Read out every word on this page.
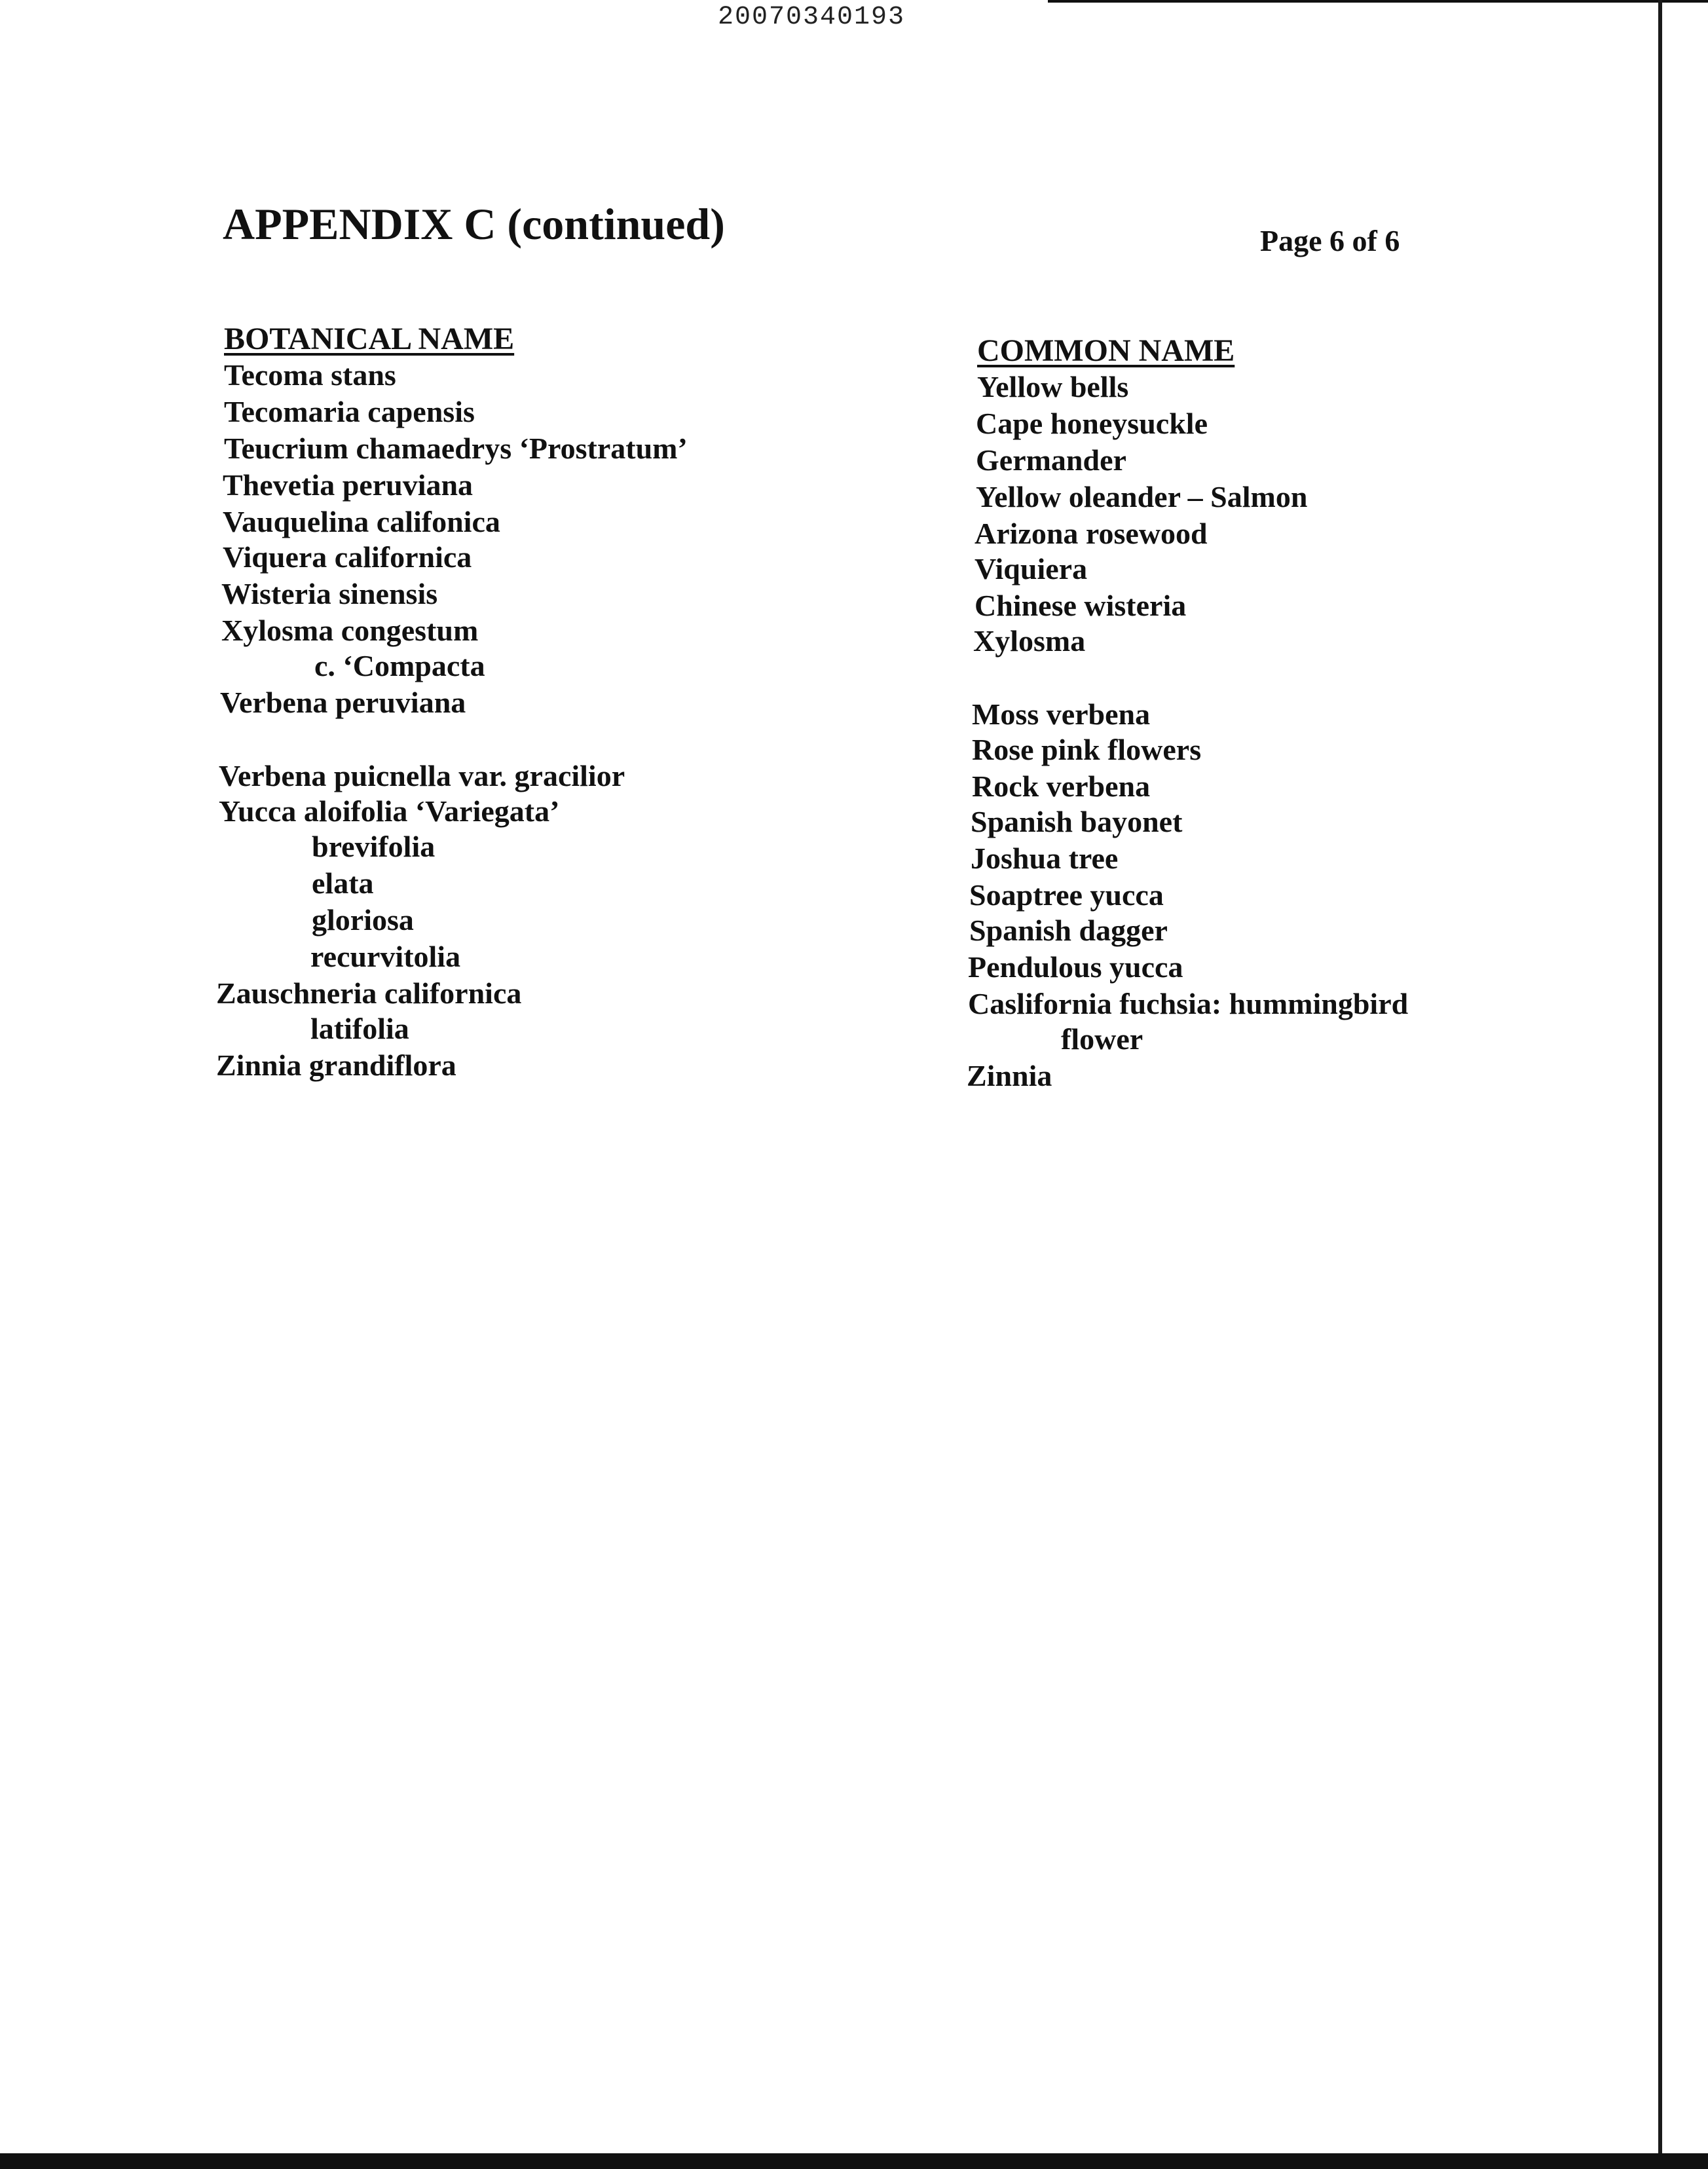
20070340193
APPENDIX C (continued)	Page 6 of 6
BOTANICAL NAME
Tecoma stans
Tecomaria capensis
Teucrium chamaedrys ‘Prostratum’
Thevetia peruviana
Vauquelina califonica
Viquera californica
Wisteria sinensis
Xylosma congestum
c. ‘Compacta
Verbena peruviana
Verbena puicnella var. gracilior
Yucca aloifolia ‘Variegata’
brevifolia
elata
gloriosa
recurvitolia
Zauschneria californica
latifolia
Zinnia grandiflora
COMMON NAME
Yellow bells
Cape honeysuckle
Germander
Yellow oleander – Salmon
Arizona rosewood
Viquiera
Chinese wisteria
Xylosma
Moss verbena
Rose pink flowers
Rock verbena
Spanish bayonet
Joshua tree
Soaptree yucca
Spanish dagger
Pendulous yucca
Caslifornia fuchsia: hummingbird
flower
Zinnia
